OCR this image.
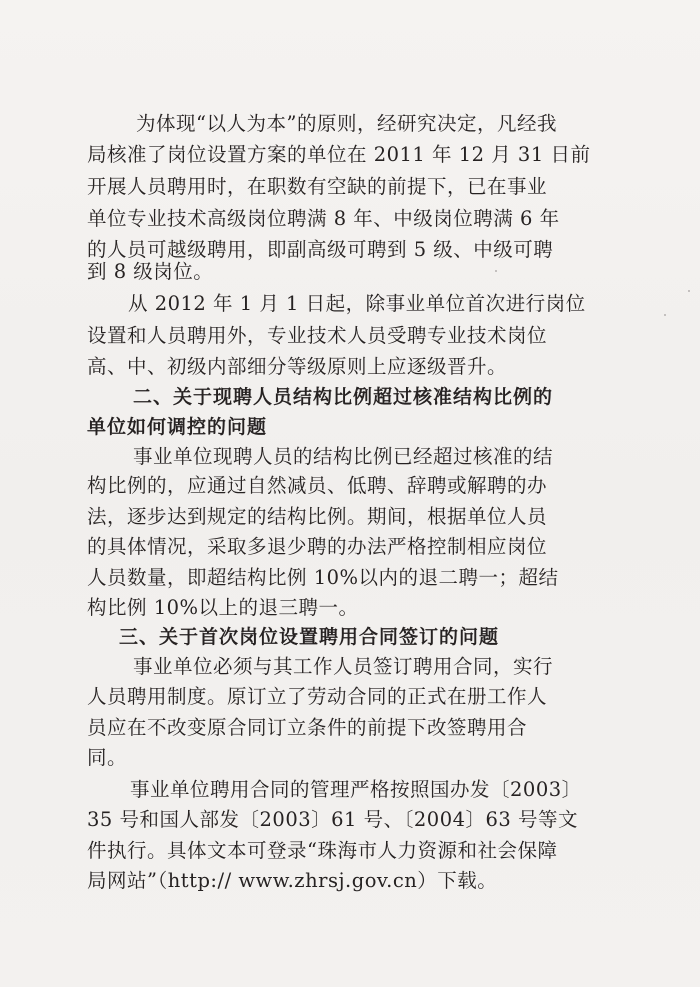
为体现“以人为本”的原则，经研究决定，凡经我
局核准了岗位设置方案的单位在 2011 年 12 月 31 日前
开展人员聘用时，在职数有空缺的前提下，已在事业
单位专业技术高级岗位聘满 8 年、中级岗位聘满 6 年
的人员可越级聘用，即副高级可聘到 5 级、中级可聘
到 8 级岗位。
从 2012 年 1 月 1 日起，除事业单位首次进行岗位
设置和人员聘用外，专业技术人员受聘专业技术岗位
高、中、初级内部细分等级原则上应逐级晋升。
二、关于现聘人员结构比例超过核准结构比例的
单位如何调控的问题
事业单位现聘人员的结构比例已经超过核准的结
构比例的，应通过自然减员、低聘、辞聘或解聘的办
法，逐步达到规定的结构比例。期间，根据单位人员
的具体情况，采取多退少聘的办法严格控制相应岗位
人员数量，即超结构比例 10%以内的退二聘一；超结
构比例 10%以上的退三聘一。
三、关于首次岗位设置聘用合同签订的问题
事业单位必须与其工作人员签订聘用合同，实行
人员聘用制度。原订立了劳动合同的正式在册工作人
员应在不改变原合同订立条件的前提下改签聘用合
同。
事业单位聘用合同的管理严格按照国办发〔2003〕
35 号和国人部发〔2003〕61 号、〔2004〕63 号等文
件执行。具体文本可登录“珠海市人力资源和社会保障
局网站”（http:// www.zhrsj.gov.cn）下载。
